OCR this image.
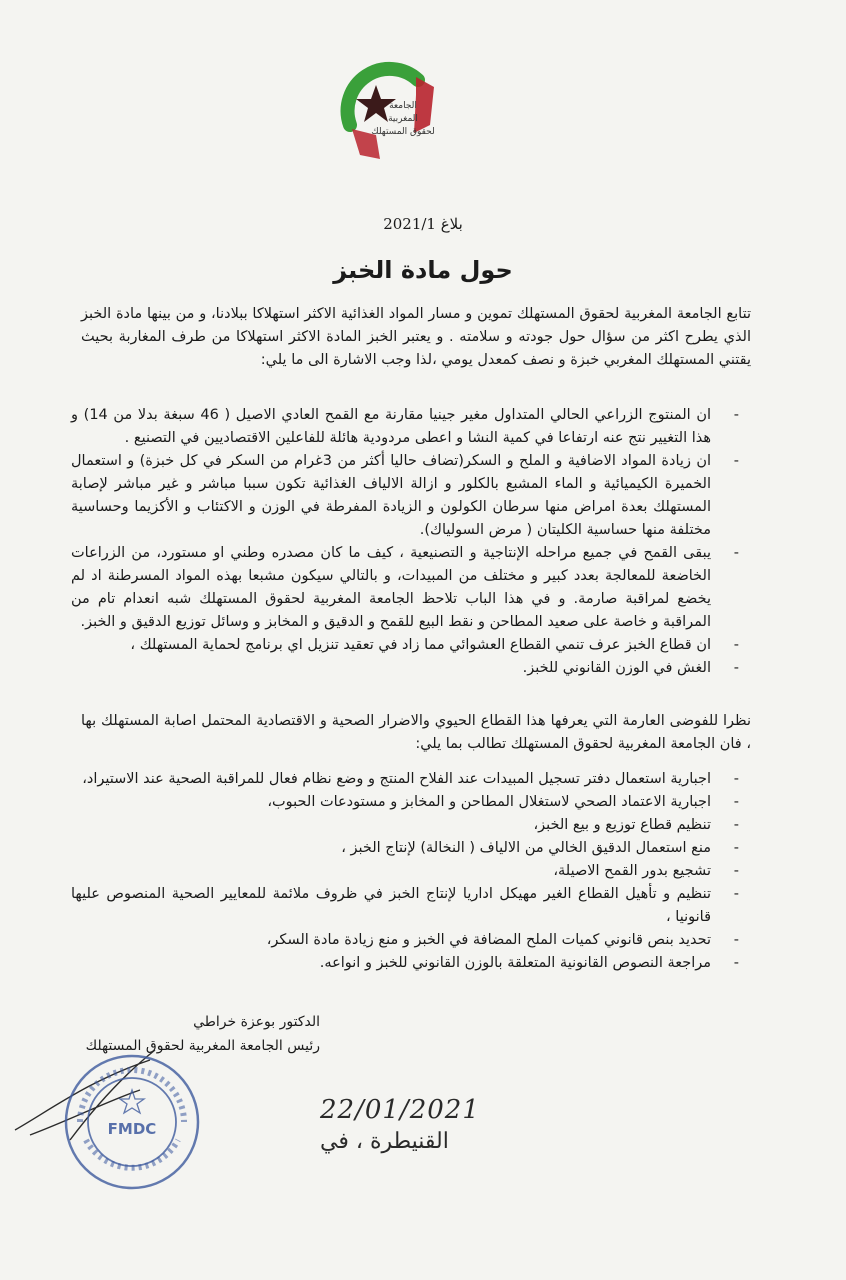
الجامعة
المغربية
لحقوق المستهلك
بلاغ 2021/1
حول مادة الخبز

تتابع الجامعة المغربية لحقوق المستهلك تموين و مسار المواد الغذائية الاكثر استهلاكا ببلادنا، و من بينها مادة الخبز الذي يطرح اكثر من سؤال حول جودته و سلامته . و يعتبر الخبز المادة الاكثر استهلاكا من طرف المغاربة بحيث يقتني المستهلك المغربي خبزة و نصف كمعدل يومي ،لذا وجب الاشارة الى ما يلي:

-
ان المنتوج الزراعي الحالي المتداول مغير جينيا مقارنة مع القمح العادي الاصيل ( 46 سبغة بدلا من 14) و هذا التغيير نتج عنه ارتفاعا في كمية النشا و اعطى مردودية هائلة للفاعلين الاقتصاديين في التصنيع .
-
ان زيادة المواد الاضافية و الملح و السكر(تضاف حاليا أكثر من 3غرام من السكر في كل خبزة) و استعمال الخميرة الكيميائية و الماء المشبع بالكلور و ازالة الالياف الغذائية تكون سببا مباشر و غير مباشر لإصابة المستهلك بعدة امراض منها سرطان الكولون و الزيادة المفرطة في الوزن و الاكتئاب و الأكزيما وحساسية مختلفة منها حساسية الكليتان ( مرض السولياك).
-
يبقى القمح في جميع مراحله الإنتاجية و التصنيعية ، كيف ما كان مصدره وطني او مستورد، من الزراعات الخاضعة للمعالجة بعدد كبير و مختلف من المبيدات، و بالتالي سيكون مشبعا بهذه المواد المسرطنة اد لم يخضع لمراقبة صارمة. و في هذا الباب تلاحظ الجامعة المغربية لحقوق المستهلك شبه انعدام تام من المراقبة و خاصة على صعيد المطاحن و نقط البيع للقمح و الدقيق و المخابز و وسائل توزيع الدقيق و الخبز.
-
ان قطاع الخبز عرف تنمي القطاع العشوائي مما زاد في تعقيد تنزيل اي برنامج لحماية المستهلك ،
-
الغش في الوزن القانوني للخبز.

نظرا للفوضى العارمة التي يعرفها هذا القطاع الحيوي والاضرار الصحية و الاقتصادية المحتمل اصابة المستهلك بها ، فان الجامعة المغربية لحقوق المستهلك تطالب بما يلي:

-
اجبارية استعمال دفتر تسجيل المبيدات عند الفلاح المنتج و وضع نظام فعال للمراقبة الصحية عند الاستيراد،
-
اجبارية الاعتماد الصحي لاستغلال المطاحن و المخابز و مستودعات الحبوب،
-
تنظيم قطاع توزيع و بيع الخبز،
-
منع استعمال الدقيق الخالي من الالياف ( النخالة) لإنتاج الخبز ،
-
تشجيع بدور القمح الاصيلة،
-
تنظيم و تأهيل القطاع الغير مهيكل اداريا لإنتاج الخبز في ظروف ملائمة للمعايير الصحية المنصوص عليها قانونيا ،
-
تحديد بنص قانوني كميات الملح المضافة في الخبز و منع زيادة مادة السكر،
-
مراجعة النصوص القانونية المتعلقة بالوزن القانوني للخبز و انواعه.
الدكتور بوعزة خراطي
رئيس الجامعة المغربية لحقوق المستهلك
FMDC
22/01/2021 القنيطرة ، في
